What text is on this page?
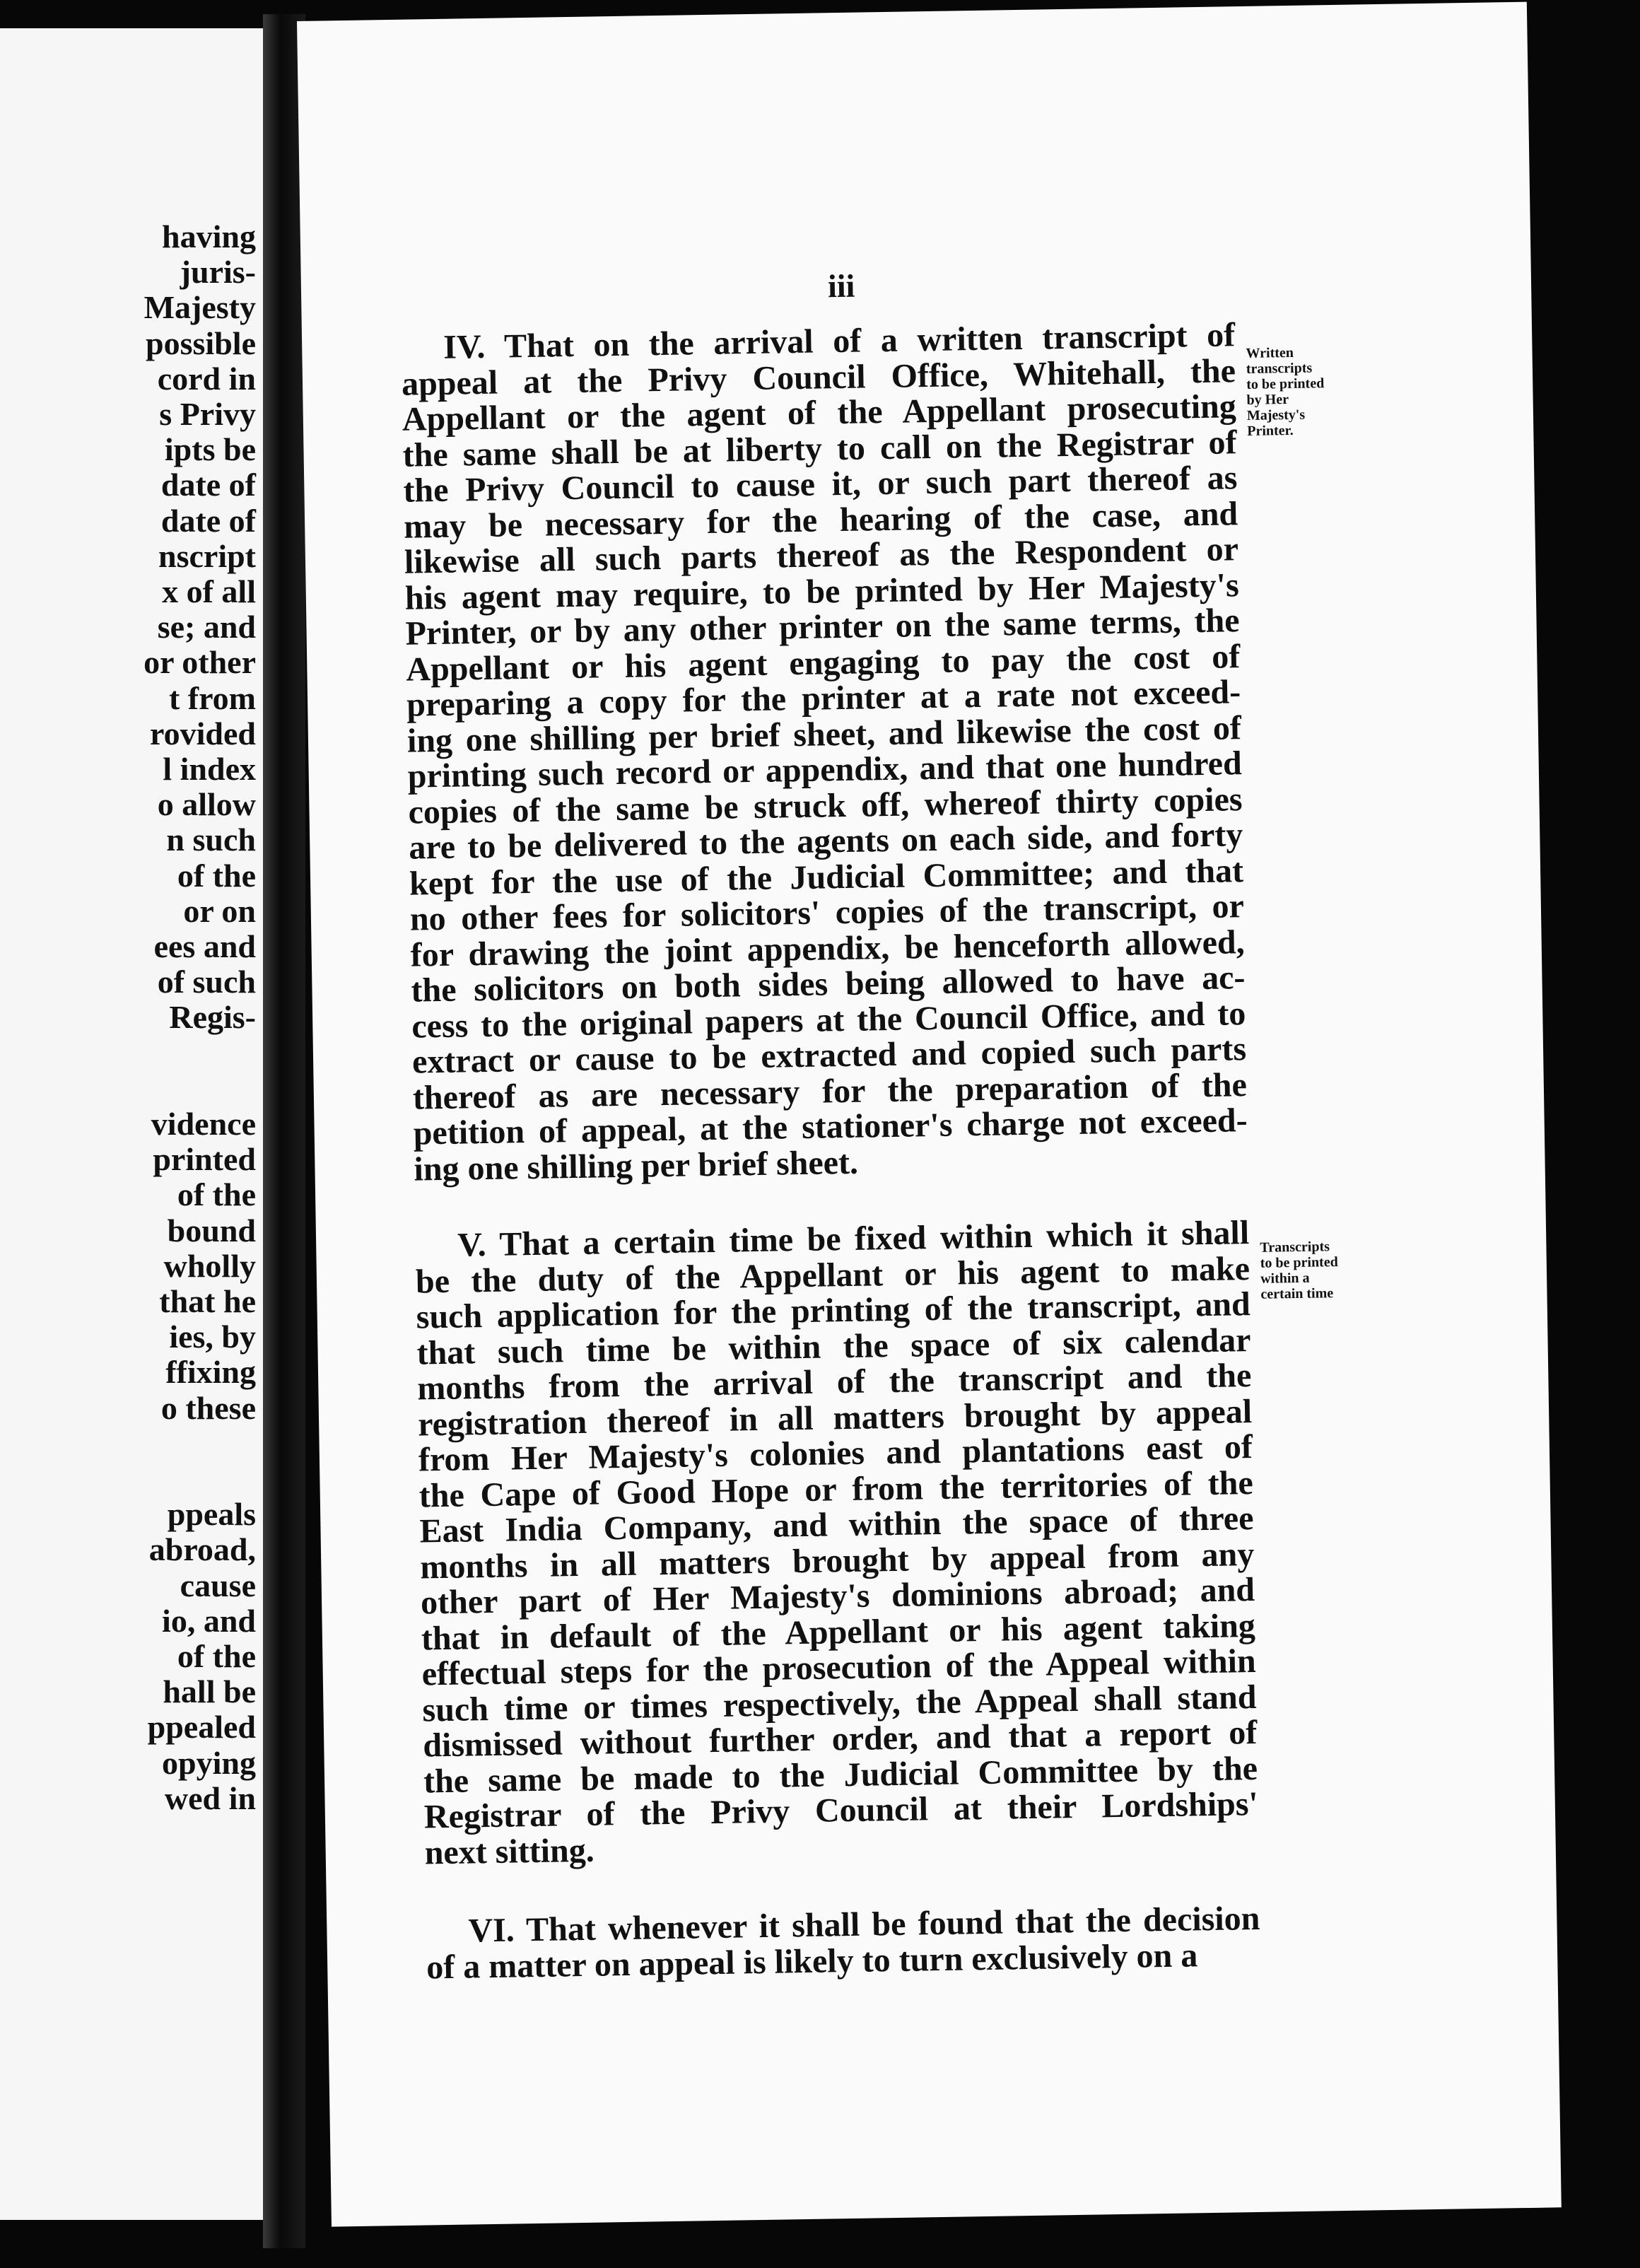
having
juris-
Majesty
possible
cord in
s Privy
ipts be
date of
date of
nscript
x of all
se; and
or other
t from
rovided
l index
o allow
n such
of the
or on
ees and
of such
Regis-
vidence
printed
of the
bound
wholly
that he
ies, by
ffixing
o these
ppeals
abroad,
cause
io, and
of the
hall be
ppealed
opying
wed in
iii
IV. That on the arrival of a written transcript of
appeal at the Privy Council Office, Whitehall, the
Appellant or the agent of the Appellant prosecuting
the same shall be at liberty to call on the Registrar of
the Privy Council to cause it, or such part thereof as
may be necessary for the hearing of the case, and
likewise all such parts thereof as the Respondent or
his agent may require, to be printed by Her Majesty's
Printer, or by any other printer on the same terms, the
Appellant or his agent engaging to pay the cost of
preparing a copy for the printer at a rate not exceed-
ing one shilling per brief sheet, and likewise the cost of
printing such record or appendix, and that one hundred
copies of the same be struck off, whereof thirty copies
are to be delivered to the agents on each side, and forty
kept for the use of the Judicial Committee; and that
no other fees for solicitors' copies of the transcript, or
for drawing the joint appendix, be henceforth allowed,
the solicitors on both sides being allowed to have ac-
cess to the original papers at the Council Office, and to
extract or cause to be extracted and copied such parts
thereof as are necessary for the preparation of the
petition of appeal, at the stationer's charge not exceed-
ing one shilling per brief sheet.
Written
transcripts
to be printed
by Her
Majesty's
Printer.
V. That a certain time be fixed within which it shall
be the duty of the Appellant or his agent to make
such application for the printing of the transcript, and
that such time be within the space of six calendar
months from the arrival of the transcript and the
registration thereof in all matters brought by appeal
from Her Majesty's colonies and plantations east of
the Cape of Good Hope or from the territories of the
East India Company, and within the space of three
months in all matters brought by appeal from any
other part of Her Majesty's dominions abroad; and
that in default of the Appellant or his agent taking
effectual steps for the prosecution of the Appeal within
such time or times respectively, the Appeal shall stand
dismissed without further order, and that a report of
the same be made to the Judicial Committee by the
Registrar of the Privy Council at their Lordships'
next sitting.
Transcripts
to be printed
within a
certain time
VI. That whenever it shall be found that the decision
of a matter on appeal is likely to turn exclusively on a
